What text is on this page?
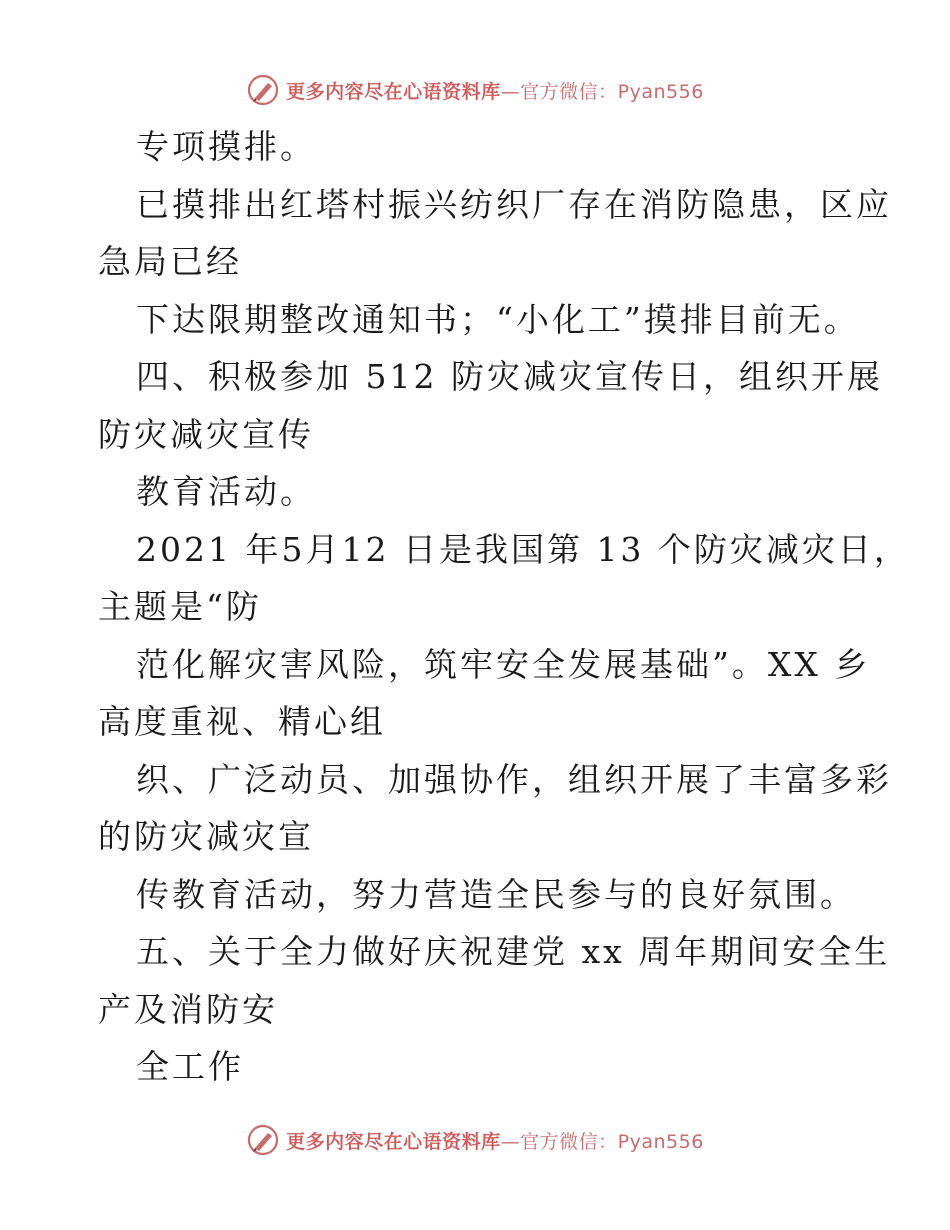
更多内容尽在心语资料库—官方微信：Pyan556
专项摸排。
已摸排出红塔村振兴纺织厂存在消防隐患，区应
急局已经
下达限期整改通知书；“小化工”摸排目前无。
四、积极参加 512 防灾减灾宣传日，组织开展
防灾减灾宣传
教育活动。
2021 年5月12 日是我国第 13 个防灾减灾日，
主题是“防
范化解灾害风险，筑牢安全发展基础”。XX 乡
高度重视、精心组
织、广泛动员、加强协作，组织开展了丰富多彩
的防灾减灾宣
传教育活动，努力营造全民参与的良好氛围。
五、关于全力做好庆祝建党 xx 周年期间安全生
产及消防安
全工作
更多内容尽在心语资料库—官方微信：Pyan556
